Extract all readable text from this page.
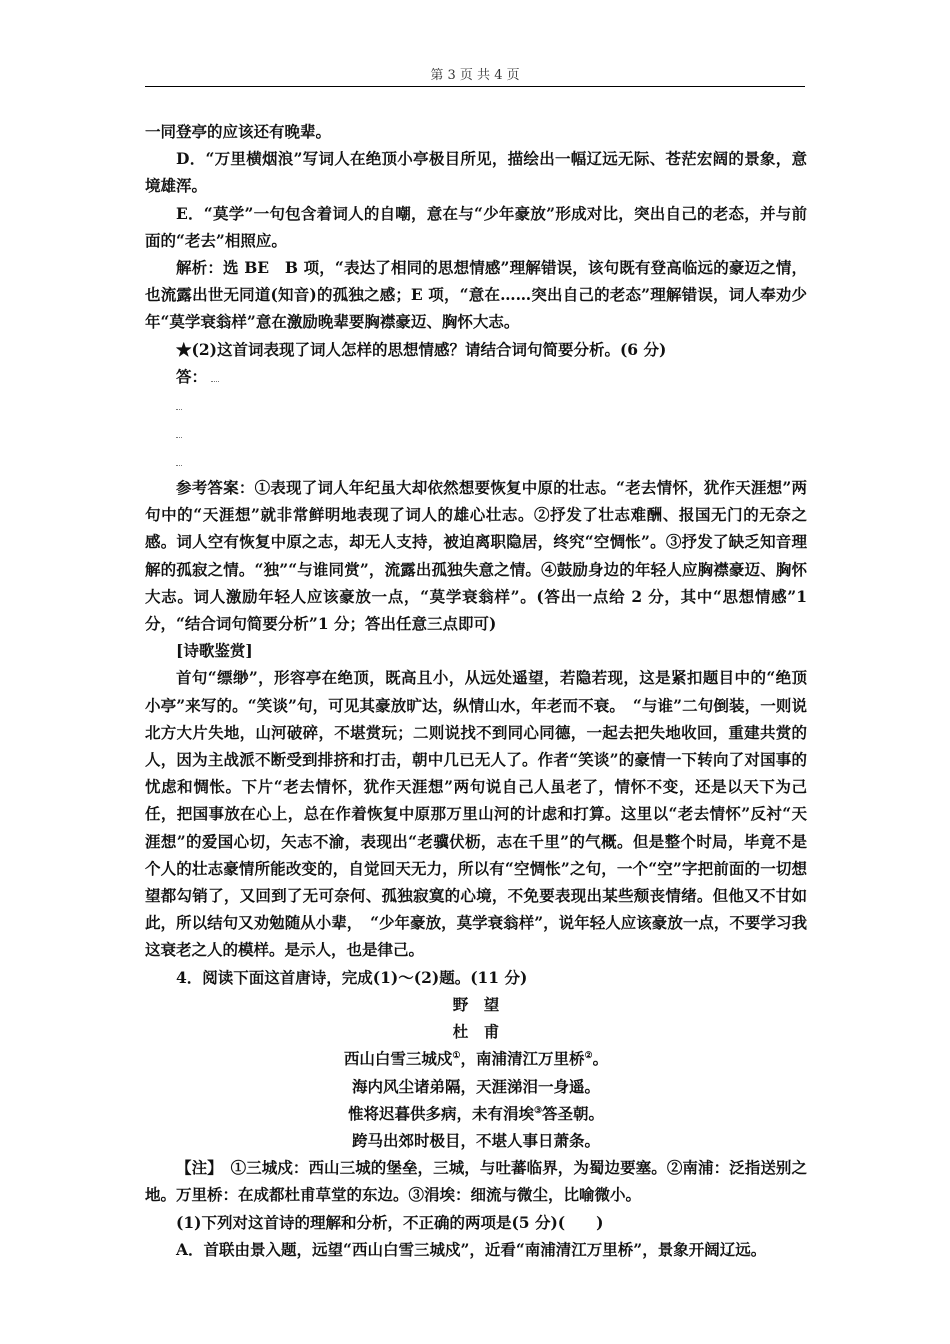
第 3 页 共 4 页

一同登亭的应该还有晚辈。

D．“万里横烟浪”写词人在绝顶小亭极目所见，描绘出一幅辽远无际、苍茫宏阔的景象，意境雄浑。

E．“莫学”一句包含着词人的自嘲，意在与“少年豪放”形成对比，突出自己的老态，并与前面的“老去”相照应。

解析：选 BE　B 项，“表达了相同的思想情感”理解错误，该句既有登高临远的豪迈之情，也流露出世无同道(知音)的孤独之感；E 项，“意在……突出自己的老态”理解错误，词人奉劝少年“莫学衰翁样”意在激励晚辈要胸襟豪迈、胸怀大志。

★(2)这首词表现了词人怎样的思想情感？请结合词句简要分析。(6 分)

答：

参考答案：①表现了词人年纪虽大却依然想要恢复中原的壮志。“老去情怀，犹作天涯想”两句中的“天涯想”就非常鲜明地表现了词人的雄心壮志。②抒发了壮志难酬、报国无门的无奈之感。词人空有恢复中原之志，却无人支持，被迫离职隐居，终究“空惆怅”。③抒发了缺乏知音理解的孤寂之情。“独”“与谁同赏”，流露出孤独失意之情。④鼓励身边的年轻人应胸襟豪迈、胸怀大志。词人激励年轻人应该豪放一点，“莫学衰翁样”。(答出一点给 2 分，其中“思想情感”1 分，“结合词句简要分析”1 分；答出任意三点即可)

[诗歌鉴赏]

首句“缥缈”，形容亭在绝顶，既高且小，从远处遥望，若隐若现，这是紧扣题目中的“绝顶小亭”来写的。“笑谈”句，可见其豪放旷达，纵情山水，年老而不衰。　“与谁”二句倒装，一则说北方大片失地，山河破碎，不堪赏玩；二则说找不到同心同德，一起去把失地收回，重建共赏的人，因为主战派不断受到排挤和打击，朝中几已无人了。作者“笑谈”的豪情一下转向了对国事的忧虑和惆怅。下片“老去情怀，犹作天涯想”两句说自己人虽老了，情怀不变，还是以天下为己任，把国事放在心上，总在作着恢复中原那万里山河的计虑和打算。这里以“老去情怀”反衬“天涯想”的爱国心切，矢志不渝，表现出“老骥伏枥，志在千里”的气概。但是整个时局，毕竟不是个人的壮志豪情所能改变的，自觉回天无力，所以有“空惆怅”之句，一个“空”字把前面的一切想望都勾销了，又回到了无可奈何、孤独寂寞的心境，不免要表现出某些颓丧情绪。但他又不甘如此，所以结句又劝勉随从小辈，　“少年豪放，莫学衰翁样”，说年轻人应该豪放一点，不要学习我这衰老之人的模样。是示人，也是律己。

4．阅读下面这首唐诗，完成(1)～(2)题。(11 分)

野　望

杜　甫

西山白雪三城戍①，南浦清江万里桥②。

海内风尘诸弟隔，天涯涕泪一身遥。

惟将迟暮供多病，未有涓埃③答圣朝。

跨马出郊时极目，不堪人事日萧条。

【注】　①三城戍：西山三城的堡垒，三城，与吐蕃临界，为蜀边要塞。②南浦：泛指送别之地。万里桥：在成都杜甫草堂的东边。③涓埃：细流与微尘，比喻微小。

(1)下列对这首诗的理解和分析，不正确的两项是(5 分)(　　)

A．首联由景入题，远望“西山白雪三城戍”，近看“南浦清江万里桥”，景象开阔辽远。
